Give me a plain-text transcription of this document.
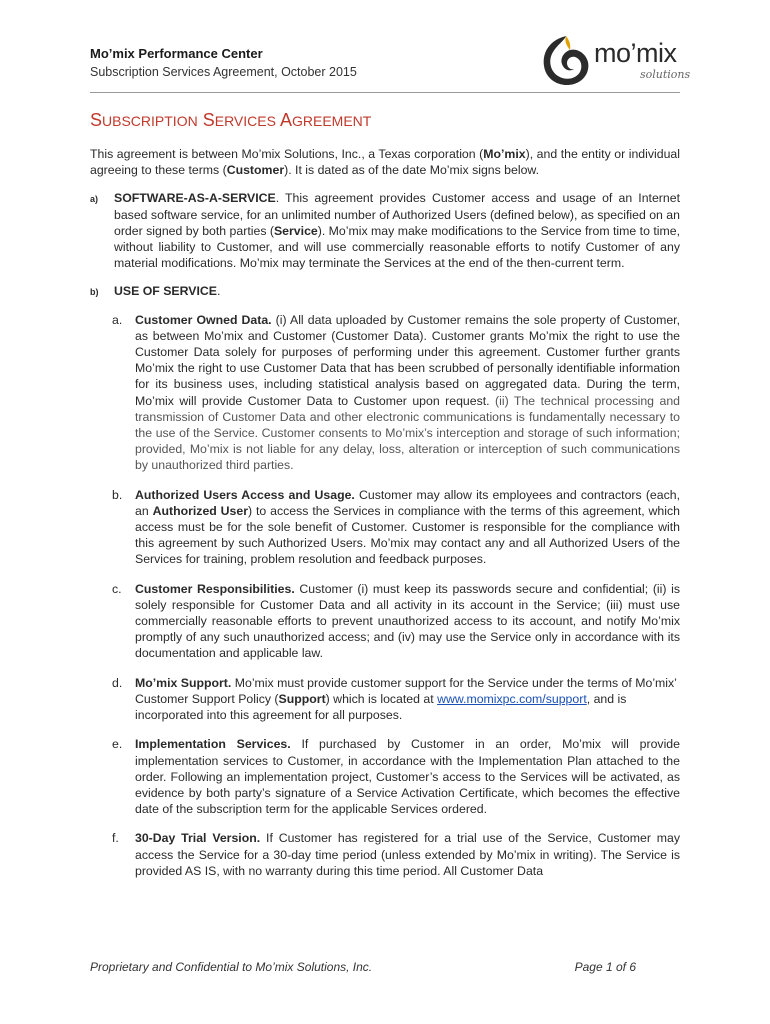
Mo’mix Performance Center
Subscription Services Agreement, October 2015
mo’mix
solutions
SUBSCRIPTION SERVICES AGREEMENT

This agreement is between Mo’mix Solutions, Inc., a Texas corporation (Mo’mix), and the entity or individual agreeing to these terms (Customer). It is dated as of the date Mo’mix signs below.

a) SOFTWARE-AS-A-SERVICE. This agreement provides Customer access and usage of an Internet based software service, for an unlimited number of Authorized Users (defined below), as specified on an order signed by both parties (Service). Mo’mix may make modifications to the Service from time to time, without liability to Customer, and will use commercially reasonable efforts to notify Customer of any material modifications. Mo’mix may terminate the Services at the end of the then-current term.

b) USE OF SERVICE.

a. Customer Owned Data. (i) All data uploaded by Customer remains the sole property of Customer, as between Mo’mix and Customer (Customer Data). Customer grants Mo’mix the right to use the Customer Data solely for purposes of performing under this agreement. Customer further grants Mo’mix the right to use Customer Data that has been scrubbed of personally identifiable information for its business uses, including statistical analysis based on aggregated data. During the term, Mo’mix will provide Customer Data to Customer upon request. (ii) The technical processing and transmission of Customer Data and other electronic communications is fundamentally necessary to the use of the Service. Customer consents to Mo’mix’s interception and storage of such information; provided, Mo’mix is not liable for any delay, loss, alteration or interception of such communications by unauthorized third parties.

b. Authorized Users Access and Usage. Customer may allow its employees and contractors (each, an Authorized User) to access the Services in compliance with the terms of this agreement, which access must be for the sole benefit of Customer. Customer is responsible for the compliance with this agreement by such Authorized Users. Mo’mix may contact any and all Authorized Users of the Services for training, problem resolution and feedback purposes.

c. Customer Responsibilities. Customer (i) must keep its passwords secure and confidential; (ii) is solely responsible for Customer Data and all activity in its account in the Service; (iii) must use commercially reasonable efforts to prevent unauthorized access to its account, and notify Mo’mix promptly of any such unauthorized access; and (iv) may use the Service only in accordance with its documentation and applicable law.

d. Mo’mix Support. Mo’mix must provide customer support for the Service under the terms of Mo’mix’ Customer Support Policy (Support) which is located at www.momixpc.com/support, and is incorporated into this agreement for all purposes.

e. Implementation Services. If purchased by Customer in an order, Mo’mix will provide implementation services to Customer, in accordance with the Implementation Plan attached to the order. Following an implementation project, Customer’s access to the Services will be activated, as evidence by both party’s signature of a Service Activation Certificate, which becomes the effective date of the subscription term for the applicable Services ordered.

f. 30-Day Trial Version. If Customer has registered for a trial use of the Service, Customer may access the Service for a 30-day time period (unless extended by Mo’mix in writing). The Service is provided AS IS, with no warranty during this time period. All Customer Data

Proprietary and Confidential to Mo’mix Solutions, Inc.	Page 1 of 6
